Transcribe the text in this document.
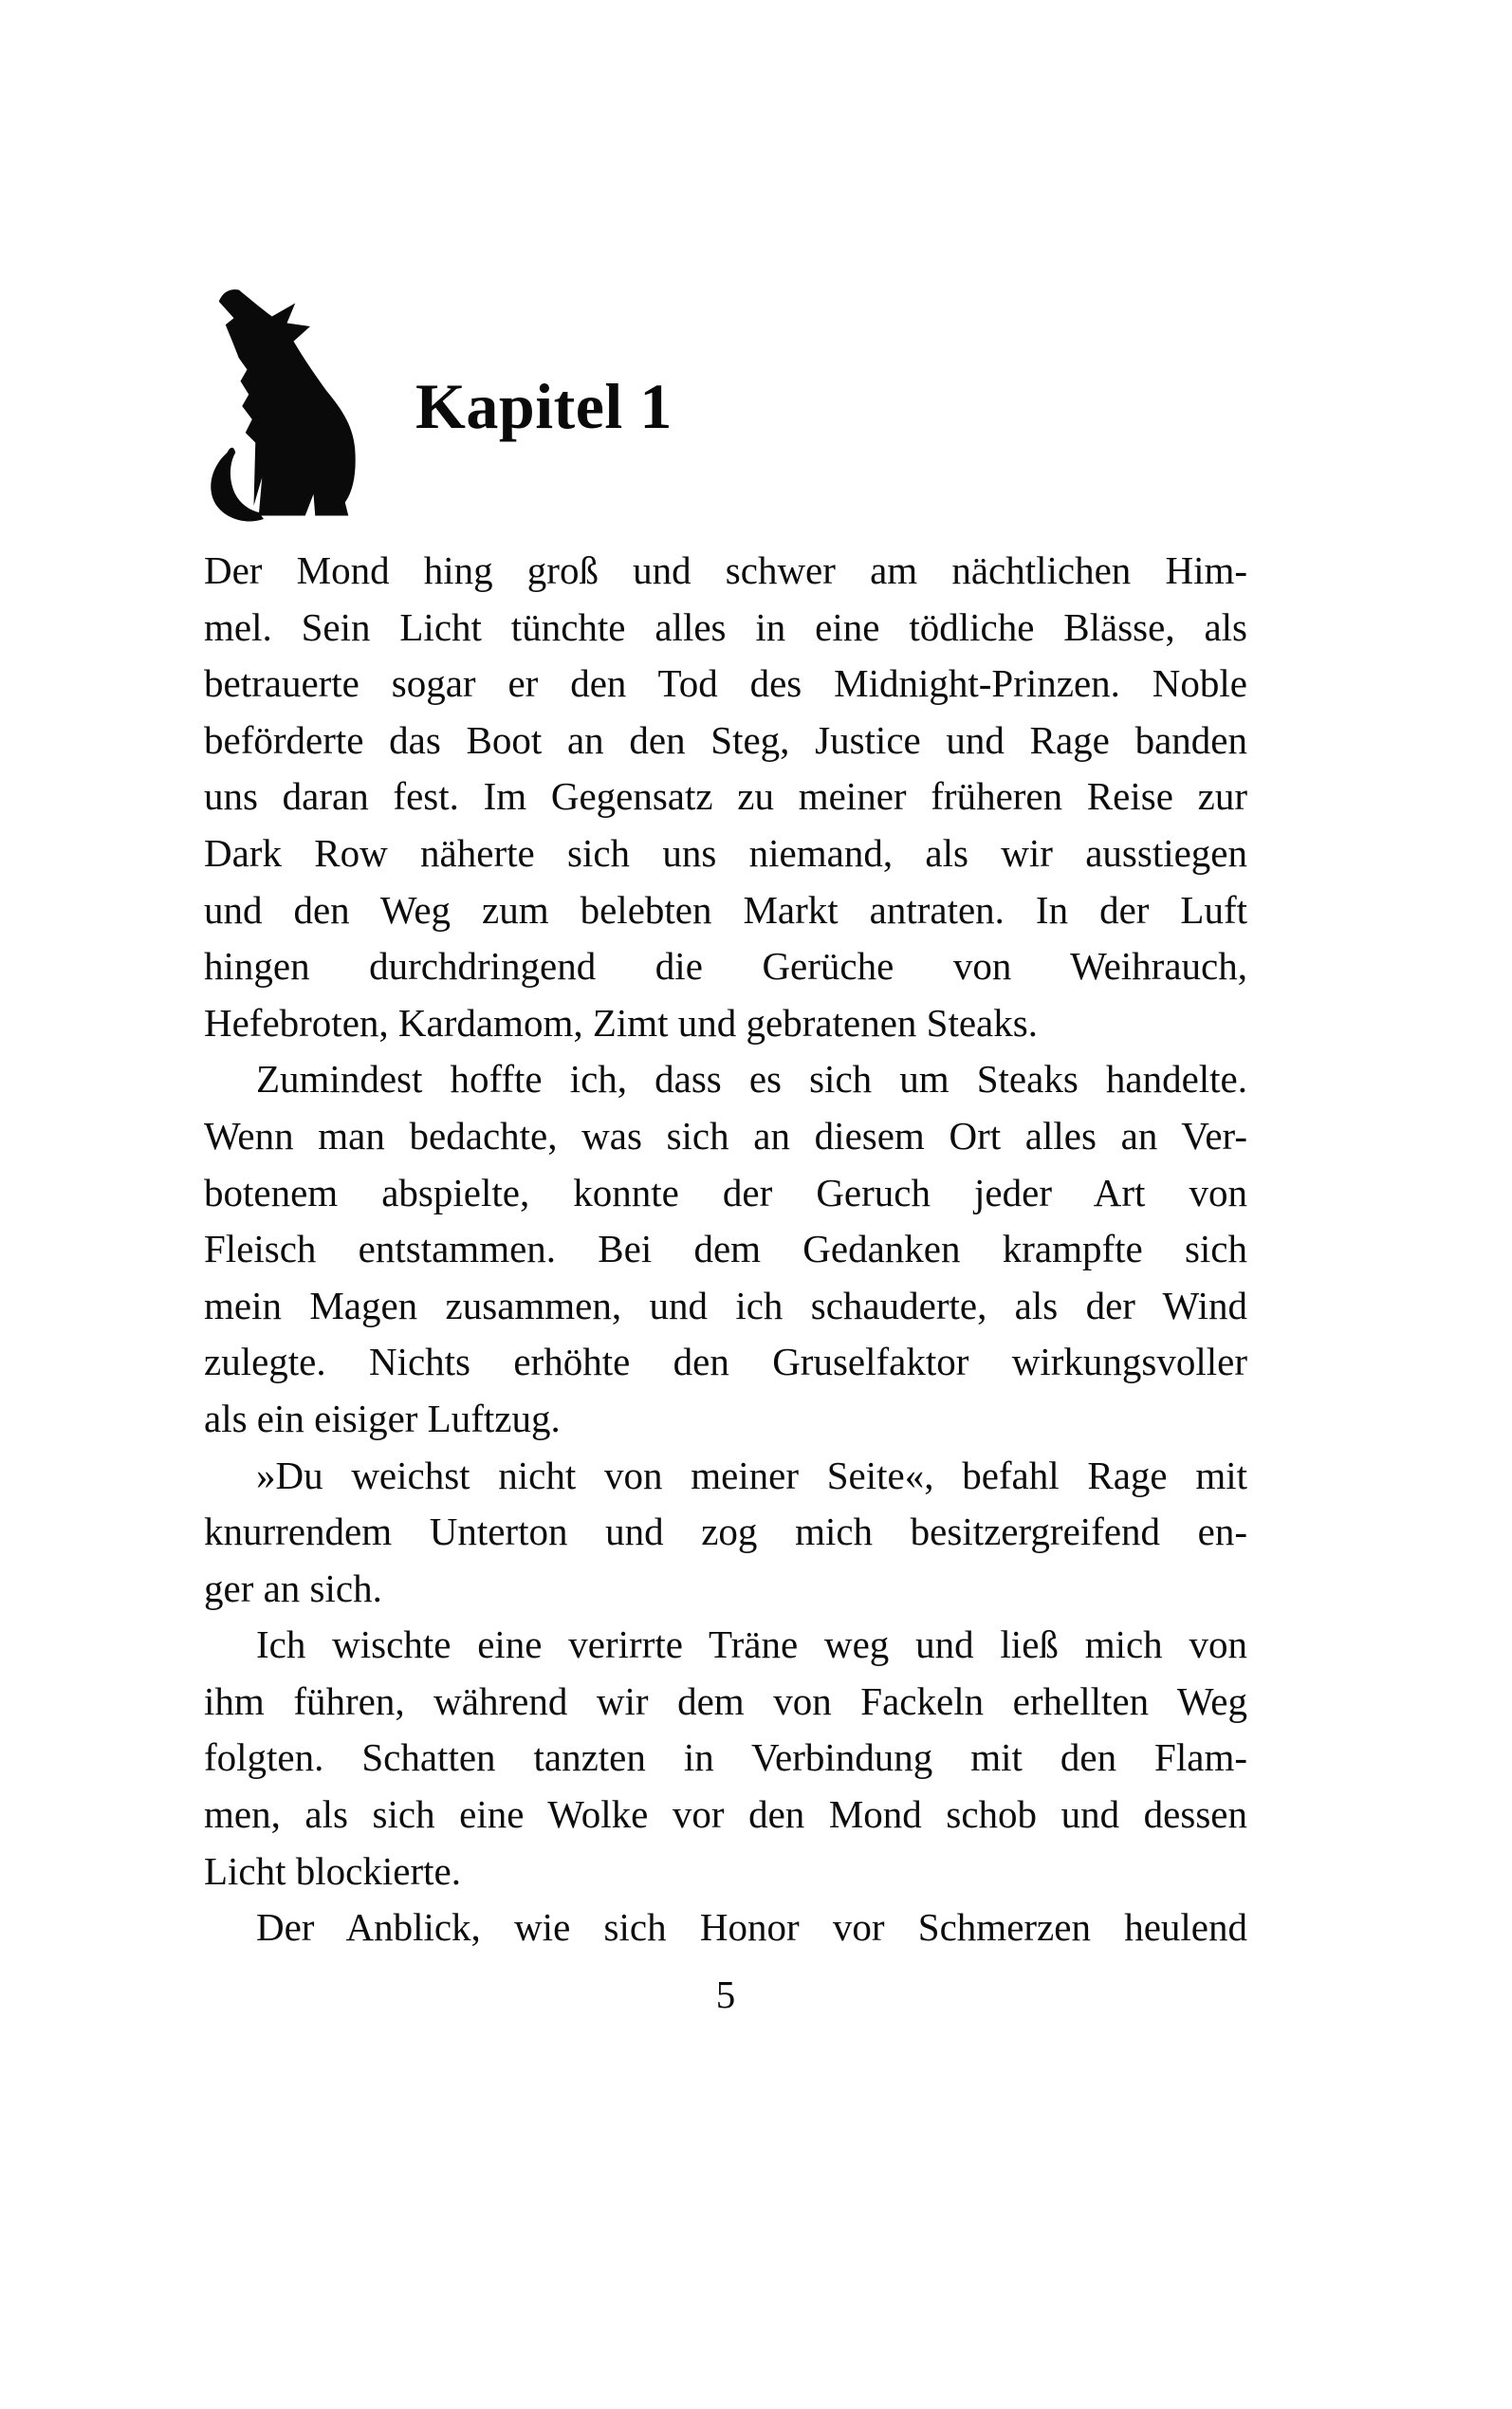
Kapitel 1

Der Mond hing groß und schwer am nächtlichen Him-
mel. Sein Licht tünchte alles in eine tödliche Blässe, als
betrauerte sogar er den Tod des Midnight-Prinzen. Noble
beförderte das Boot an den Steg, Justice und Rage banden
uns daran fest. Im Gegensatz zu meiner früheren Reise zur
Dark Row näherte sich uns niemand, als wir ausstiegen
und den Weg zum belebten Markt antraten. In der Luft
hingen durchdringend die Gerüche von Weihrauch,
Hefebroten, Kardamom, Zimt und gebratenen Steaks.

Zumindest hoffte ich, dass es sich um Steaks handelte.
Wenn man bedachte, was sich an diesem Ort alles an Ver-
botenem abspielte, konnte der Geruch jeder Art von
Fleisch entstammen. Bei dem Gedanken krampfte sich
mein Magen zusammen, und ich schauderte, als der Wind
zulegte. Nichts erhöhte den Gruselfaktor wirkungsvoller
als ein eisiger Luftzug.

»Du weichst nicht von meiner Seite«, befahl Rage mit
knurrendem Unterton und zog mich besitzergreifend en-
ger an sich.

Ich wischte eine verirrte Träne weg und ließ mich von
ihm führen, während wir dem von Fackeln erhellten Weg
folgten. Schatten tanzten in Verbindung mit den Flam-
men, als sich eine Wolke vor den Mond schob und dessen
Licht blockierte.

Der Anblick, wie sich Honor vor Schmerzen heulend

5
